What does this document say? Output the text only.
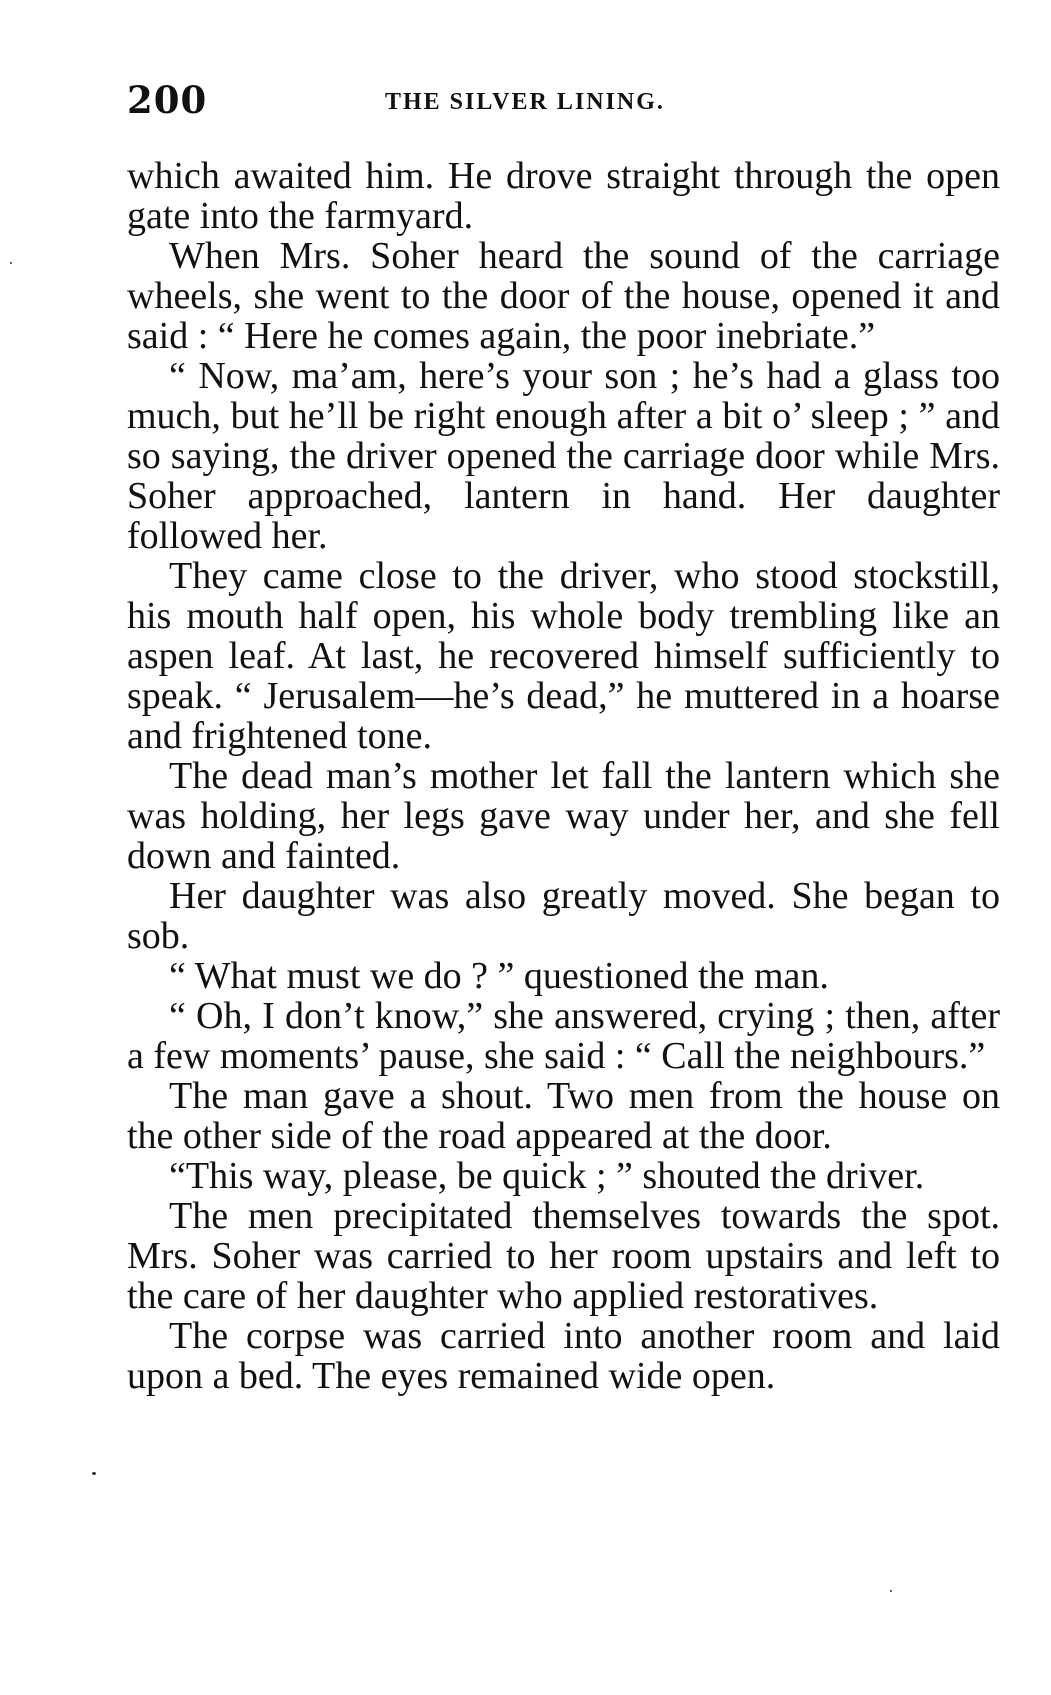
200	THE SILVER LINING.

which awaited him. He drove straight through the open gate into the farmyard.

When Mrs. Soher heard the sound of the carriage wheels, she went to the door of the house, opened it and said : “ Here he comes again, the poor inebriate.”

“ Now, ma’am, here’s your son ; he’s had a glass too much, but he’ll be right enough after a bit o’ sleep ; ” and so saying, the driver opened the carriage door while Mrs. Soher approached, lantern in hand. Her daughter followed her.

They came close to the driver, who stood stockstill, his mouth half open, his whole body trembling like an aspen leaf. At last, he recovered himself sufficiently to speak. “ Jerusalem—he’s dead,” he muttered in a hoarse and frightened tone.

The dead man’s mother let fall the lantern which she was holding, her legs gave way under her, and she fell down and fainted.

Her daughter was also greatly moved. She began to sob.

“ What must we do ? ” questioned the man.

“ Oh, I don’t know,” she answered, crying ; then, after a few moments’ pause, she said : “ Call the neighbours.”

The man gave a shout. Two men from the house on the other side of the road appeared at the door.

“This way, please, be quick ; ” shouted the driver.

The men precipitated themselves towards the spot. Mrs. Soher was carried to her room upstairs and left to the care of her daughter who applied restoratives.

The corpse was carried into another room and laid upon a bed. The eyes remained wide open.
